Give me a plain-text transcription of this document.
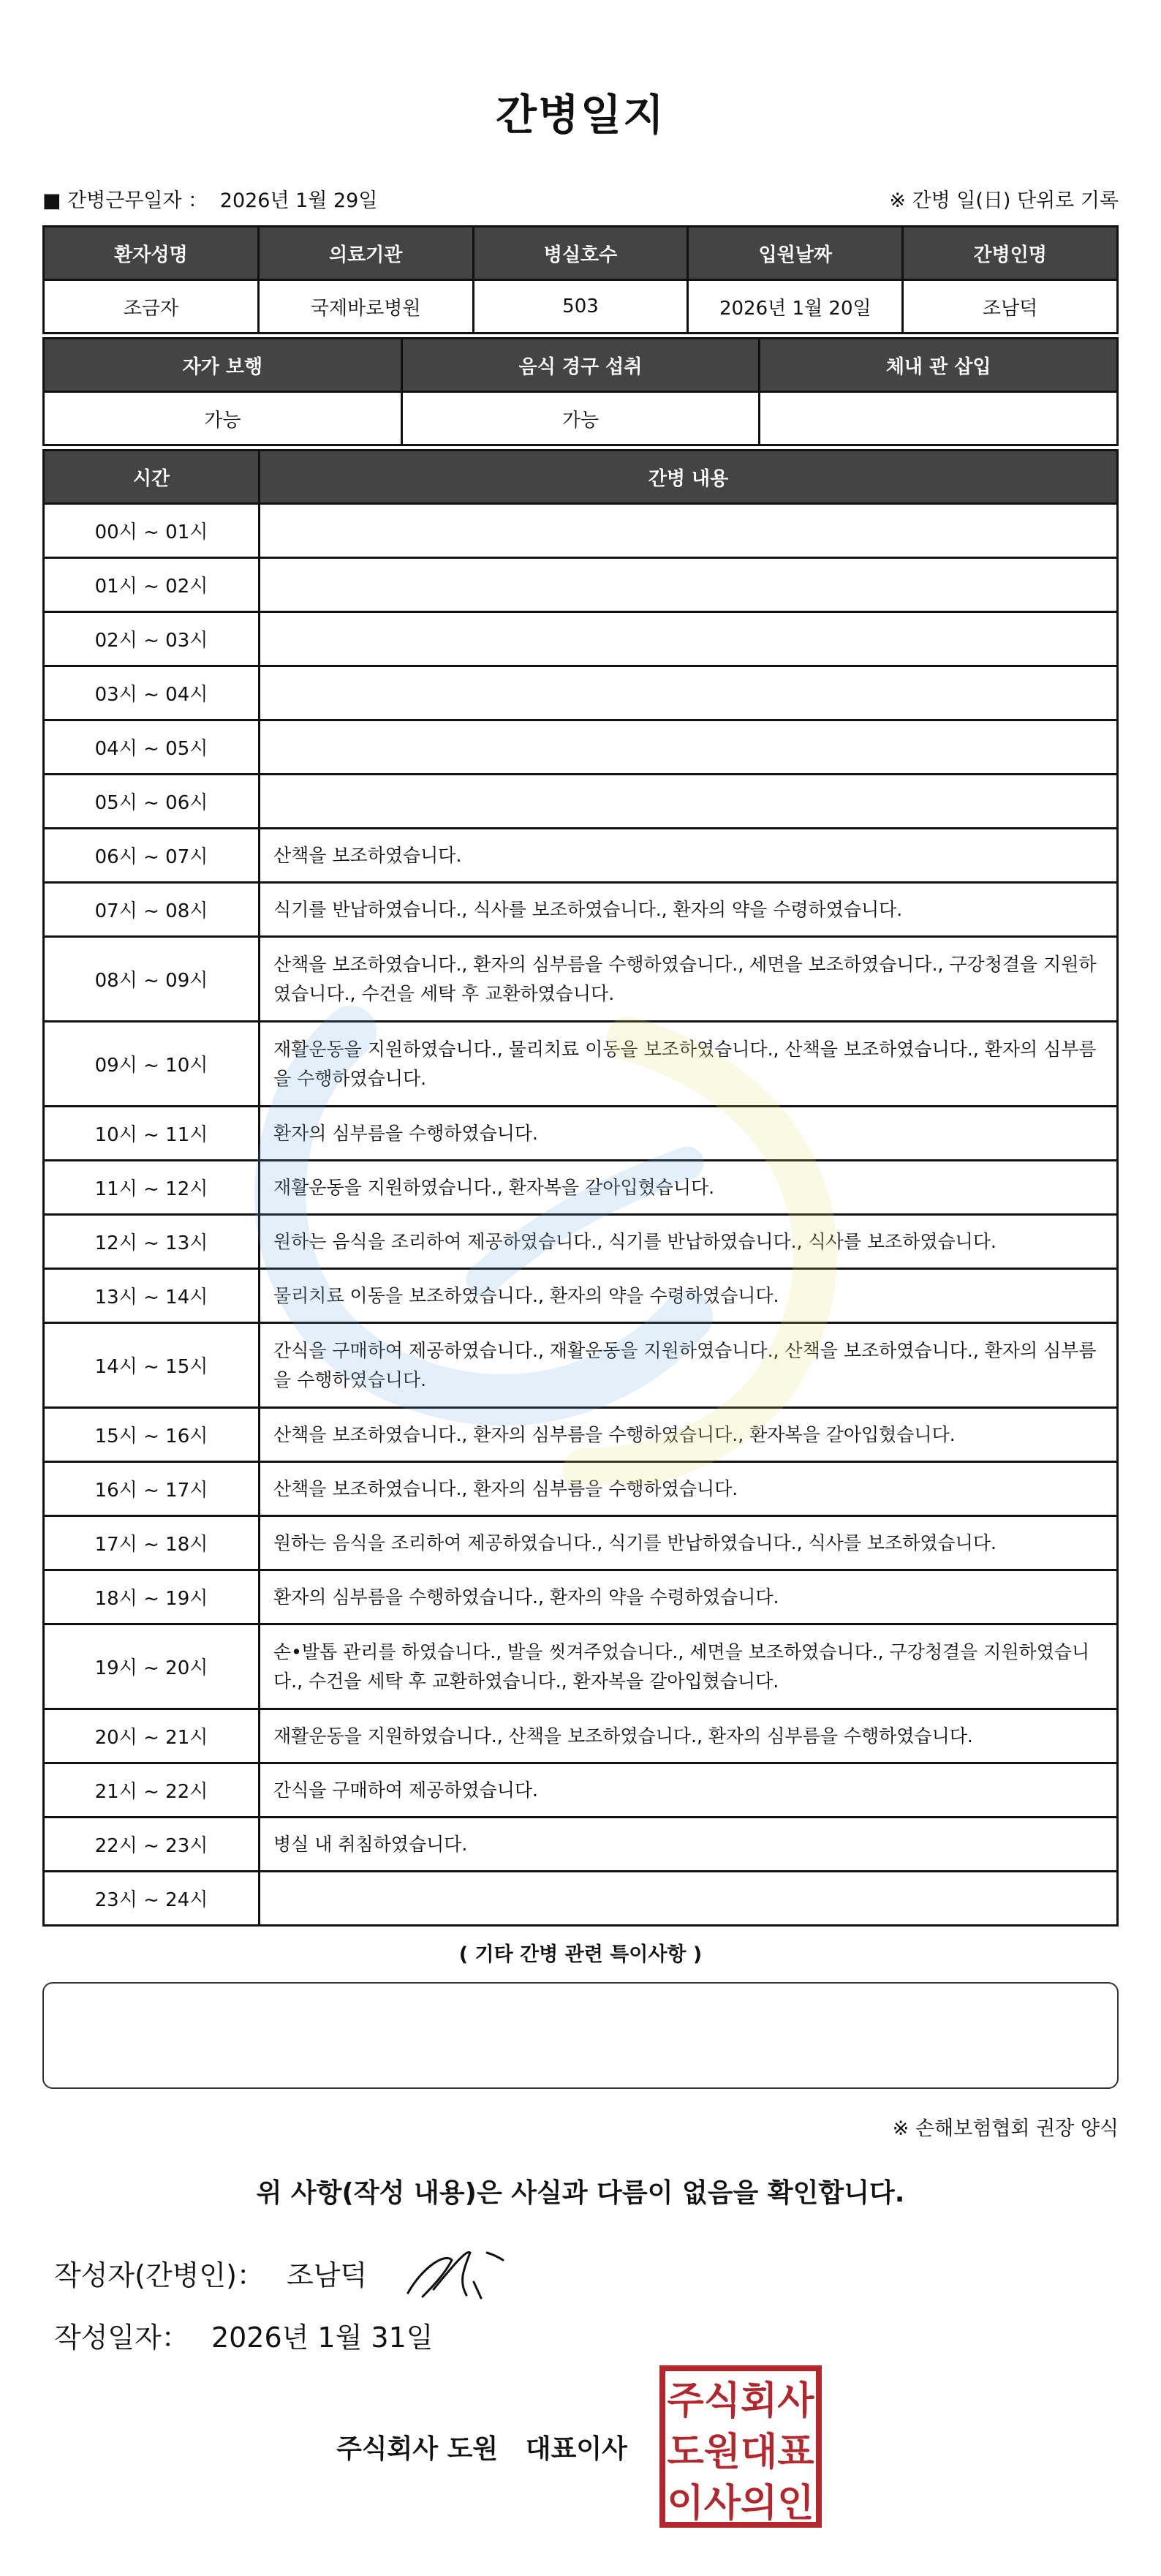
간병일지
■ 간병근무일자 ： 2026년 1월 29일	※ 간병 일(日) 단위로 기록
환자성명	의료기관	병실호수	입원날짜	간병인명
조금자	국제바로병원	503	2026년 1월 20일	조남덕
자가 보행	음식 경구 섭취	체내 관 삽입
가능	가능	
시간	간병 내용
00시 ~ 01시	
01시 ~ 02시	
02시 ~ 03시	
03시 ~ 04시	
04시 ~ 05시	
05시 ~ 06시	
06시 ~ 07시	산책을 보조하였습니다.
07시 ~ 08시	식기를 반납하였습니다., 식사를 보조하였습니다., 환자의 약을 수령하였습니다.
08시 ~ 09시	산책을 보조하였습니다., 환자의 심부름을 수행하였습니다., 세면을 보조하였습니다., 구강청결을 지원하였습니다., 수건을 세탁 후 교환하였습니다.
09시 ~ 10시	재활운동을 지원하였습니다., 물리치료 이동을 보조하였습니다., 산책을 보조하였습니다., 환자의 심부름을 수행하였습니다.
10시 ~ 11시	환자의 심부름을 수행하였습니다.
11시 ~ 12시	재활운동을 지원하였습니다., 환자복을 갈아입혔습니다.
12시 ~ 13시	원하는 음식을 조리하여 제공하였습니다., 식기를 반납하였습니다., 식사를 보조하였습니다.
13시 ~ 14시	물리치료 이동을 보조하였습니다., 환자의 약을 수령하였습니다.
14시 ~ 15시	간식을 구매하여 제공하였습니다., 재활운동을 지원하였습니다., 산책을 보조하였습니다., 환자의 심부름을 수행하였습니다.
15시 ~ 16시	산책을 보조하였습니다., 환자의 심부름을 수행하였습니다., 환자복을 갈아입혔습니다.
16시 ~ 17시	산책을 보조하였습니다., 환자의 심부름을 수행하였습니다.
17시 ~ 18시	원하는 음식을 조리하여 제공하였습니다., 식기를 반납하였습니다., 식사를 보조하였습니다.
18시 ~ 19시	환자의 심부름을 수행하였습니다., 환자의 약을 수령하였습니다.
19시 ~ 20시	손•발톱 관리를 하였습니다., 발을 씻겨주었습니다., 세면을 보조하였습니다., 구강청결을 지원하였습니다., 수건을 세탁 후 교환하였습니다., 환자복을 갈아입혔습니다.
20시 ~ 21시	재활운동을 지원하였습니다., 산책을 보조하였습니다., 환자의 심부름을 수행하였습니다.
21시 ~ 22시	간식을 구매하여 제공하였습니다.
22시 ~ 23시	병실 내 취침하였습니다.
23시 ~ 24시	
( 기타 간병 관련 특이사항 )
※ 손해보험협회 권장 양식
위 사항(작성 내용)은 사실과 다름이 없음을 확인합니다.
작성자(간병인)： 조남덕
작성일자： 2026년 1월 31일
주식회사 도원   대표이사
주식회사
도원대표
이사의인
